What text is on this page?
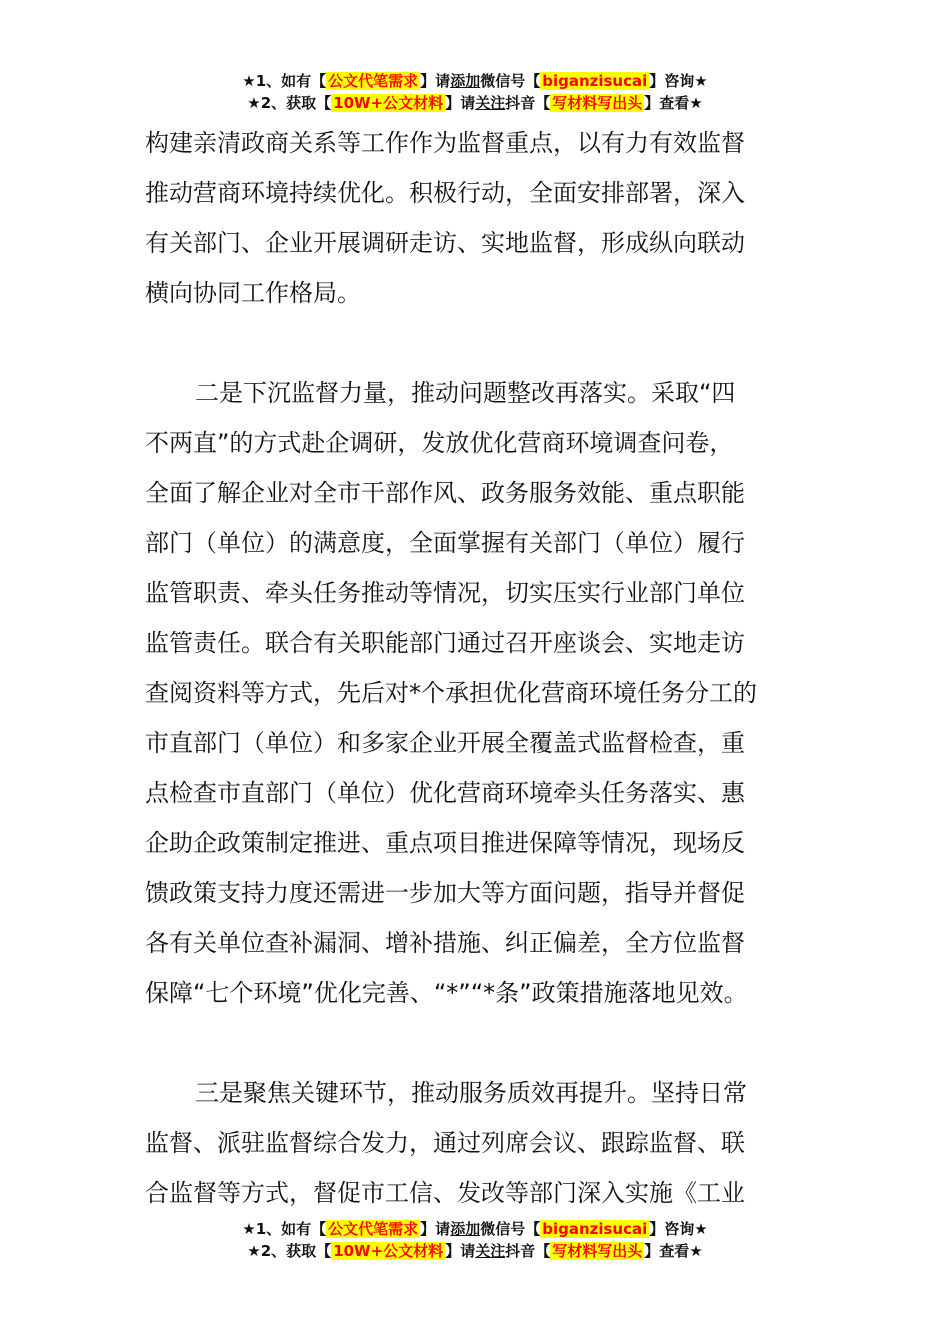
★1、如有【 公文代笔需求 】请添加微信号【 biganzisucai 】咨询★
★2、获取【 10W+公文材料 】请关注抖音【 写材料写出头 】查看★
构建亲清政商关系等工作作为监督重点，以有力有效监督
推动营商环境持续优化。积极行动，全面安排部署，深入
有关部门、企业开展调研走访、实地监督，形成纵向联动
横向协同工作格局。
二是下沉监督力量，推动问题整改再落实。采取“四
不两直”的方式赴企调研，发放优化营商环境调查问卷，
全面了解企业对全市干部作风、政务服务效能、重点职能
部门（单位）的满意度，全面掌握有关部门（单位）履行
监管职责、牵头任务推动等情况，切实压实行业部门单位
监管责任。联合有关职能部门通过召开座谈会、实地走访
查阅资料等方式，先后对*个承担优化营商环境任务分工的
市直部门（单位）和多家企业开展全覆盖式监督检查，重
点检查市直部门（单位）优化营商环境牵头任务落实、惠
企助企政策制定推进、重点项目推进保障等情况，现场反
馈政策支持力度还需进一步加大等方面问题，指导并督促
各有关单位查补漏洞、增补措施、纠正偏差，全方位监督
保障“七个环境”优化完善、“*”“*条”政策措施落地见效。
三是聚焦关键环节，推动服务质效再提升。坚持日常
监督、派驻监督综合发力，通过列席会议、跟踪监督、联
合监督等方式，督促市工信、发改等部门深入实施《工业
★1、如有【 公文代笔需求 】请添加微信号【 biganzisucai 】咨询★
★2、获取【 10W+公文材料 】请关注抖音【 写材料写出头 】查看★
